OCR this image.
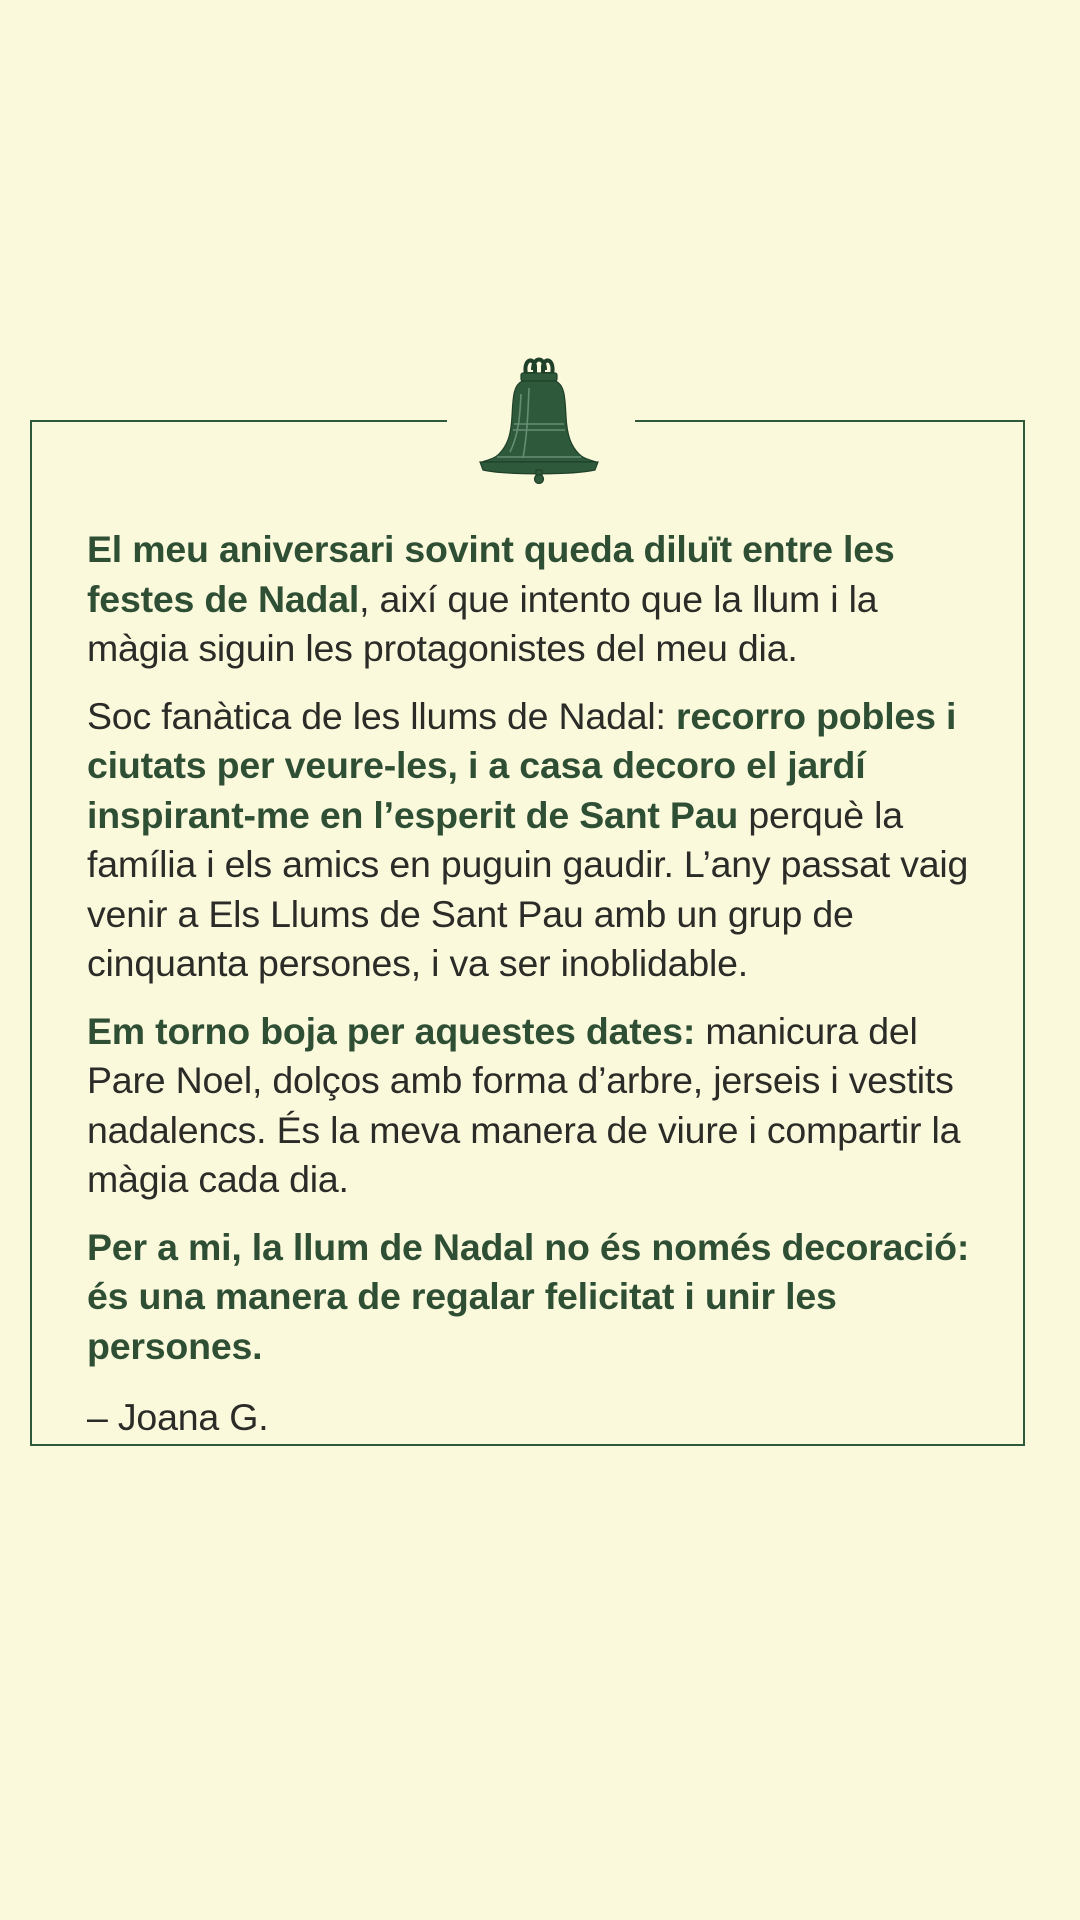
El meu aniversari sovint queda diluït entre les festes de Nadal, així que intento que la llum i la màgia siguin les protagonistes del meu dia.

Soc fanàtica de les llums de Nadal: recorro pobles i ciutats per veure-les, i a casa decoro el jardí inspirant-me en l’esperit de Sant Pau perquè la família i els amics en puguin gaudir. L’any passat vaig venir a Els Llums de Sant Pau amb un grup de cinquanta persones, i va ser inoblidable.

Em torno boja per aquestes dates: manicura del Pare Noel, dolços amb forma d’arbre, jerseis i vestits nadalencs. És la meva manera de viure i compartir la màgia cada dia.

Per a mi, la llum de Nadal no és només decoració: és una manera de regalar felicitat i unir les persones.

– Joana G.
